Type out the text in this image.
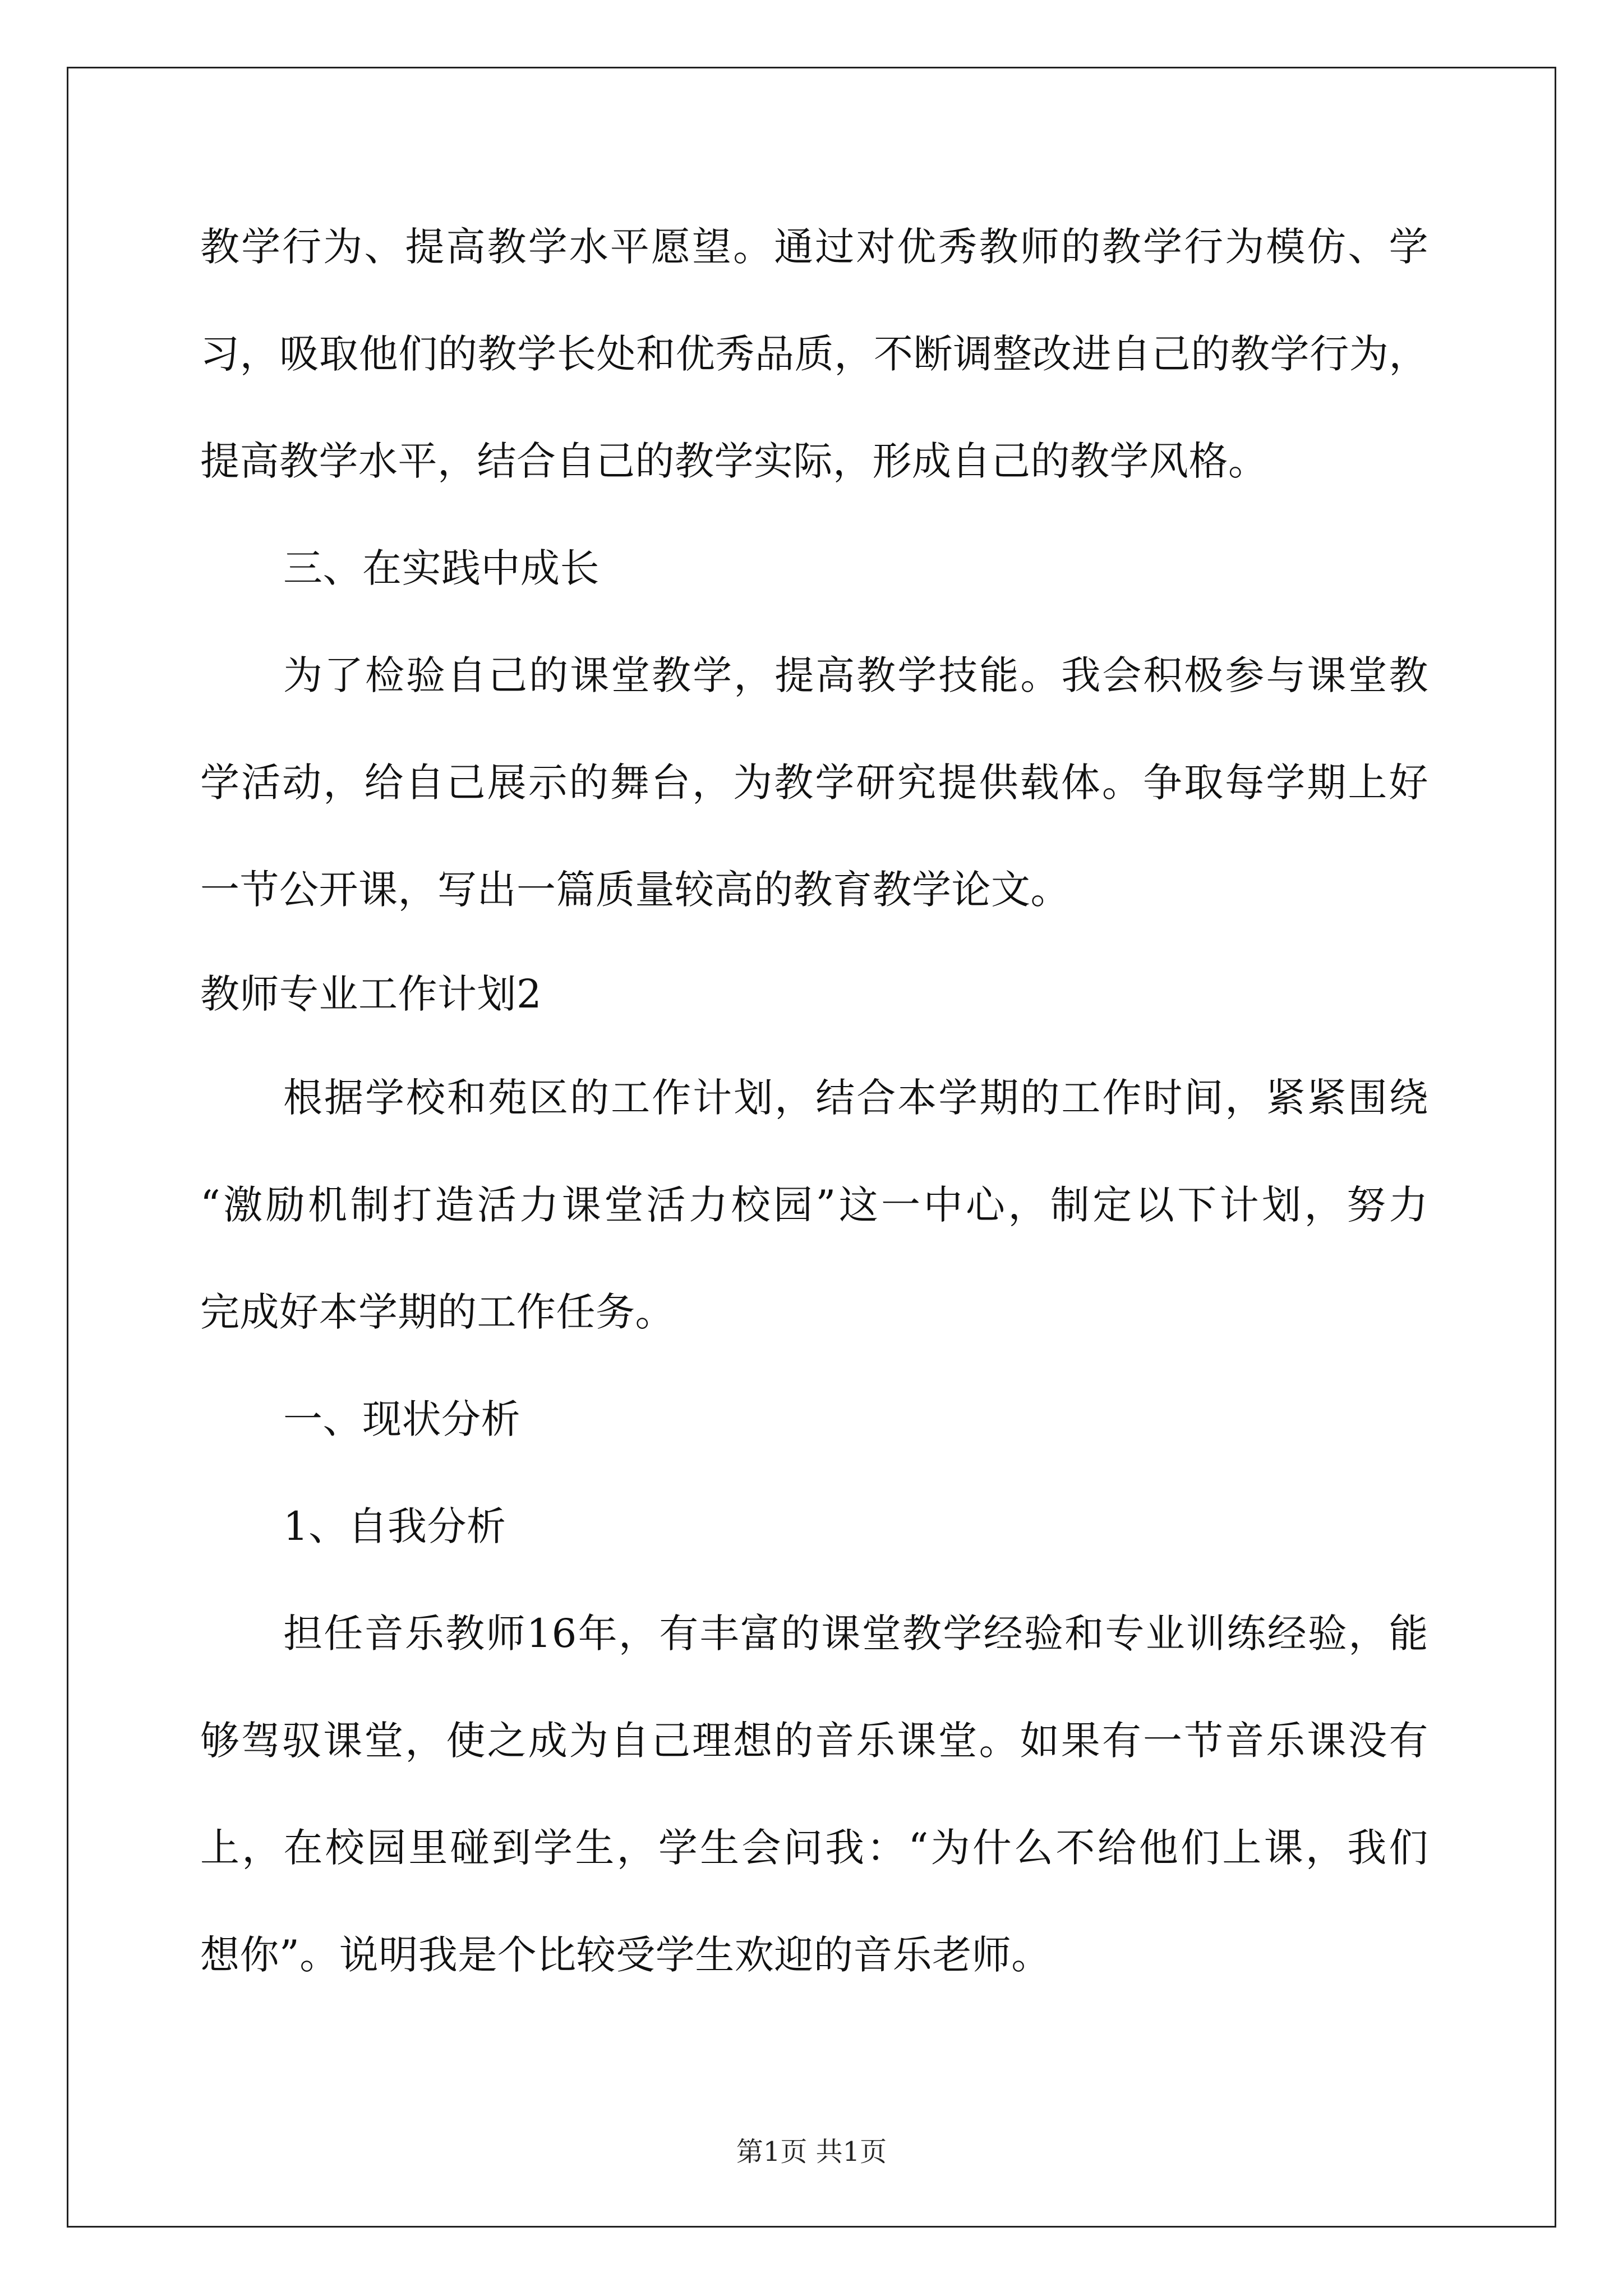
教学行为、提高教学水平愿望。通过对优秀教师的教学行为模仿、学
习，吸取他们的教学长处和优秀品质，不断调整改进自己的教学行为，
提高教学水平，结合自己的教学实际，形成自己的教学风格。
三、在实践中成长
为了检验自己的课堂教学，提高教学技能。我会积极参与课堂教
学活动，给自己展示的舞台，为教学研究提供载体。争取每学期上好
一节公开课，写出一篇质量较高的教育教学论文。
教师专业工作计划2
根据学校和苑区的工作计划，结合本学期的工作时间，紧紧围绕
“激励机制打造活力课堂活力校园”这一中心，制定以下计划，努力
完成好本学期的工作任务。
一、现状分析
1、自我分析
担任音乐教师16年，有丰富的课堂教学经验和专业训练经验，能
够驾驭课堂，使之成为自己理想的音乐课堂。如果有一节音乐课没有
上，在校园里碰到学生，学生会问我：“为什么不给他们上课，我们
想你”。说明我是个比较受学生欢迎的音乐老师。
第1页 共1页
